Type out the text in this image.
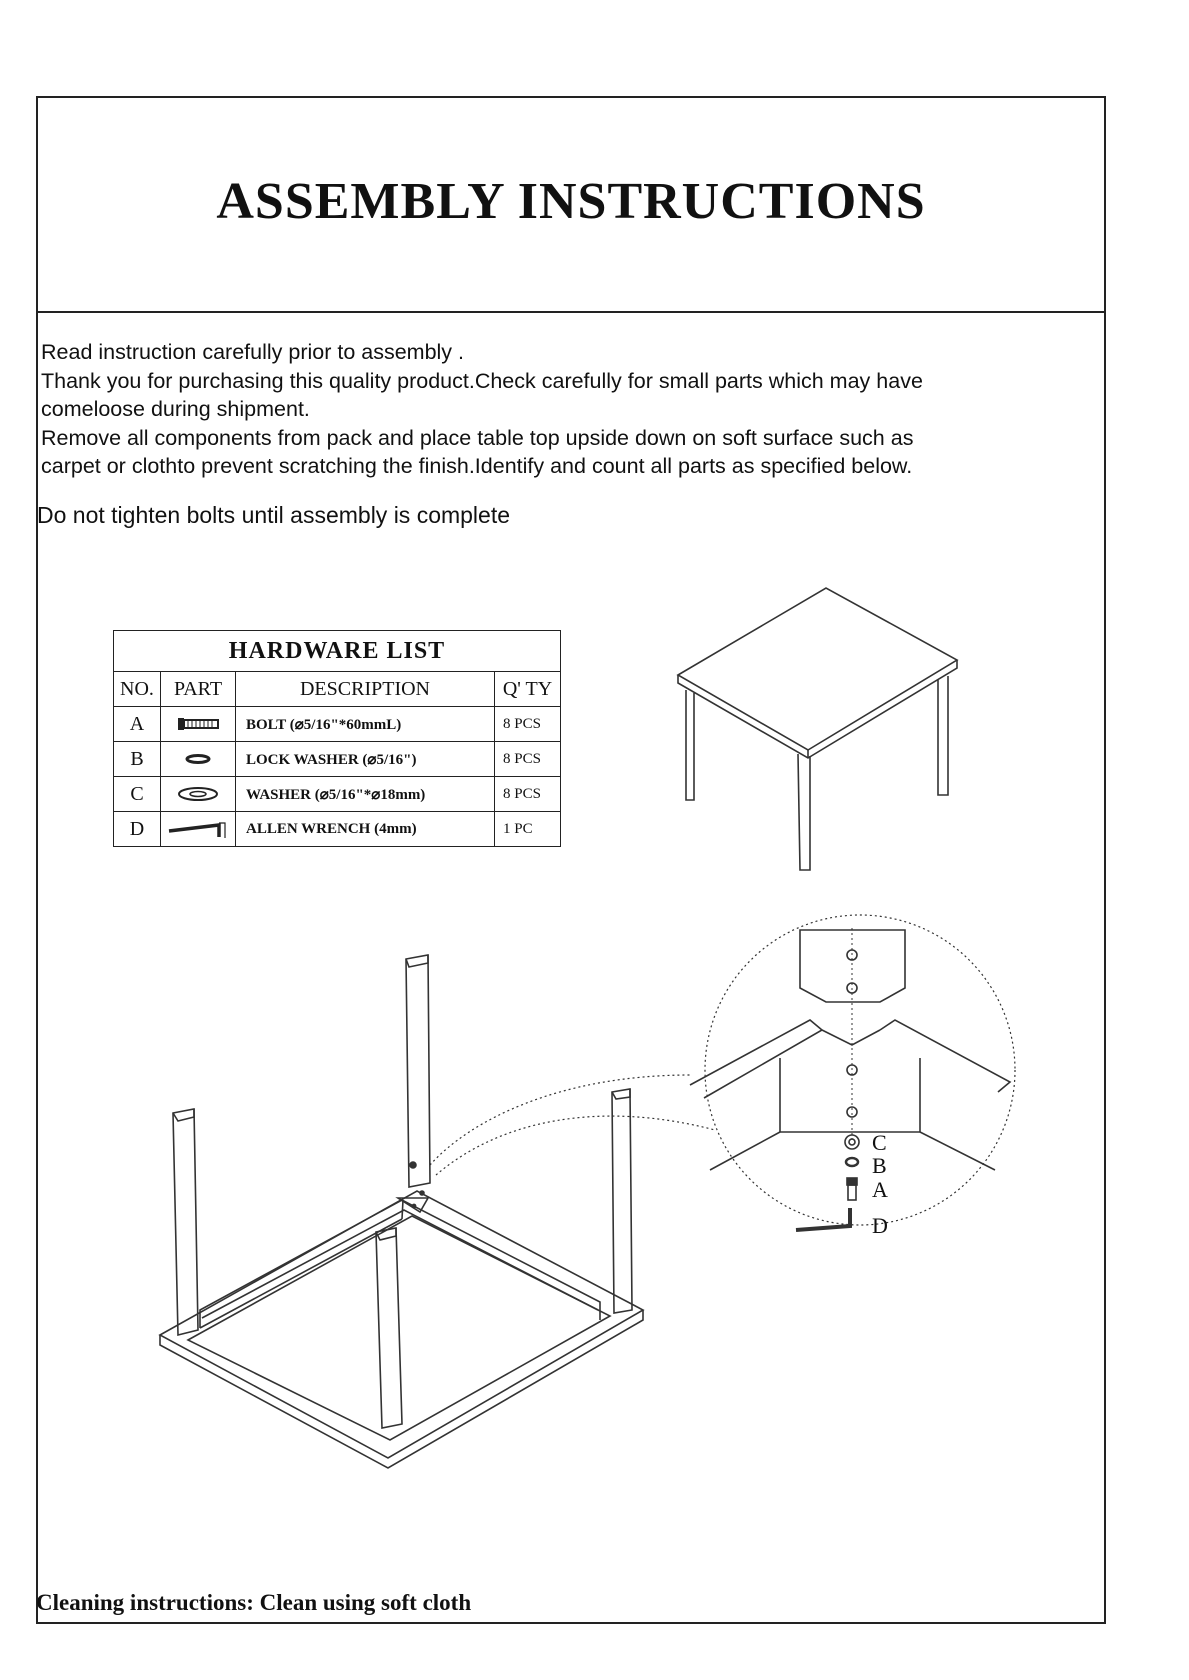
ASSEMBLY INSTRUCTIONS

Read instruction carefully prior to assembly .

Thank you for purchasing this quality product.Check carefully for small parts which may have

comeloose during shipment.

Remove all components from pack and place table top upside down on soft surface such as

carpet or clothto prevent scratching the finish.Identify and count all parts as specified below.

Do not tighten bolts until assembly is complete
HARDWARE LIST			
NO.	PART	DESCRIPTION	Q' TY
A		BOLT (⌀5/16"*60mmL)	8 PCS
B		LOCK WASHER (⌀5/16")	8 PCS
C		WASHER (⌀5/16"*⌀18mm)	8 PCS
D		ALLEN WRENCH (4mm)	1 PC
C
B
A
D
Cleaning instructions: Clean using soft cloth
